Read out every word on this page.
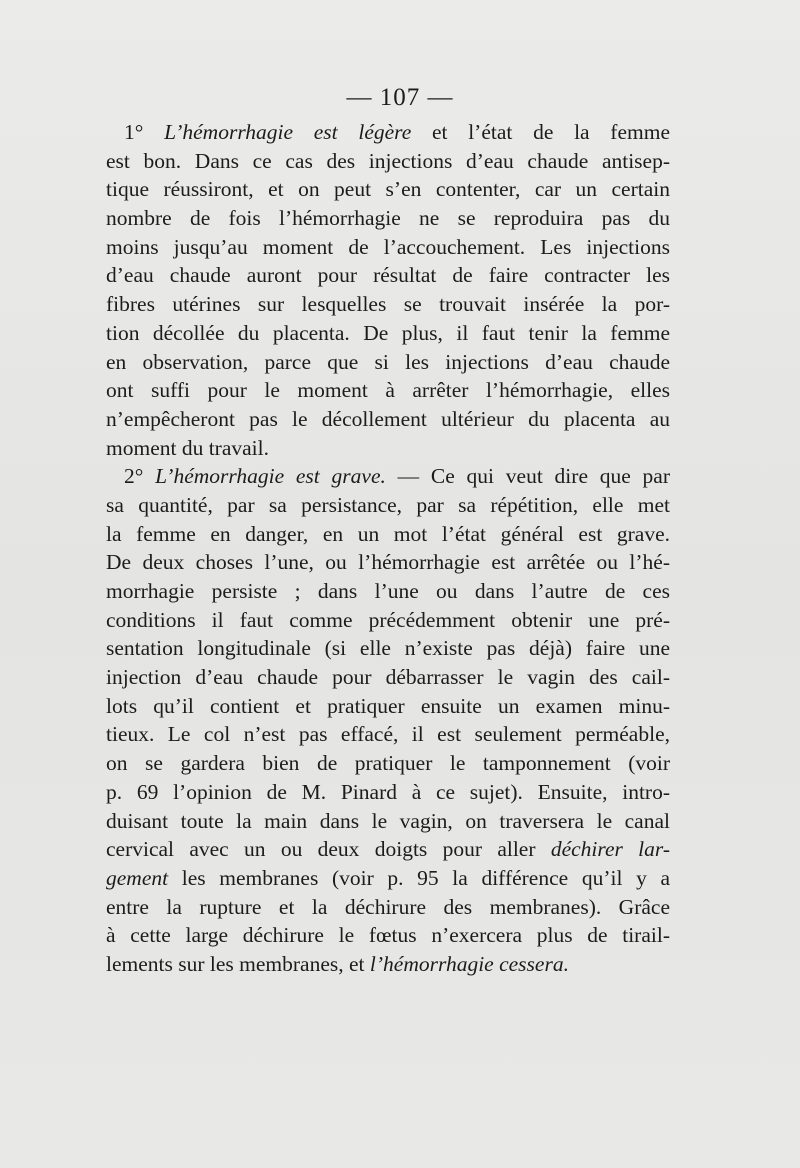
— 107 —
1° L’hémorrhagie est légère et l’état de la femme
est bon. Dans ce cas des injections d’eau chaude antisep-
tique réussiront, et on peut s’en contenter, car un certain
nombre de fois l’hémorrhagie ne se reproduira pas du
moins jusqu’au moment de l’accouchement. Les injections
d’eau chaude auront pour résultat de faire contracter les
fibres utérines sur lesquelles se trouvait insérée la por-
tion décollée du placenta. De plus, il faut tenir la femme
en observation, parce que si les injections d’eau chaude
ont suffi pour le moment à arrêter l’hémorrhagie, elles
n’empêcheront pas le décollement ultérieur du placenta au
moment du travail.
2° L’hémorrhagie est grave. — Ce qui veut dire que par
sa quantité, par sa persistance, par sa répétition, elle met
la femme en danger, en un mot l’état général est grave.
De deux choses l’une, ou l’hémorrhagie est arrêtée ou l’hé-
morrhagie persiste ; dans l’une ou dans l’autre de ces
conditions il faut comme précédemment obtenir une pré-
sentation longitudinale (si elle n’existe pas déjà) faire une
injection d’eau chaude pour débarrasser le vagin des cail-
lots qu’il contient et pratiquer ensuite un examen minu-
tieux. Le col n’est pas effacé, il est seulement perméable,
on se gardera bien de pratiquer le tamponnement (voir
p. 69 l’opinion de M. Pinard à ce sujet). Ensuite, intro-
duisant toute la main dans le vagin, on traversera le canal
cervical avec un ou deux doigts pour aller déchirer lar-
gement les membranes (voir p. 95 la différence qu’il y a
entre la rupture et la déchirure des membranes). Grâce
à cette large déchirure le fœtus n’exercera plus de tirail-
lements sur les membranes, et l’hémorrhagie cessera.
